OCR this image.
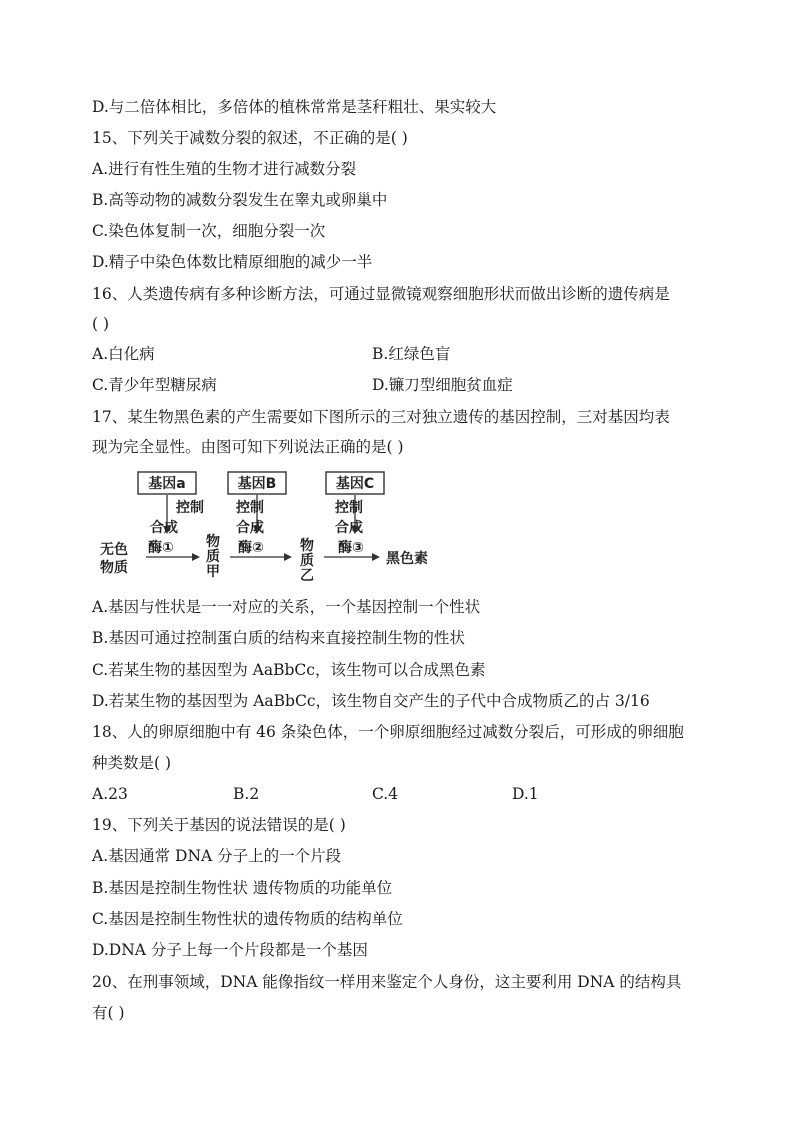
D.与二倍体相比，多倍体的植株常常是茎秆粗壮、果实较大
15、下列关于减数分裂的叙述，不正确的是( )
A.进行有性生殖的生物才进行减数分裂
B.高等动物的减数分裂发生在睾丸或卵巢中
C.染色体复制一次，细胞分裂一次
D.精子中染色体数比精原细胞的减少一半
16、人类遗传病有多种诊断方法，可通过显微镜观察细胞形状而做出诊断的遗传病是
( )
A.白化病	B.红绿色盲
C.青少年型糖尿病	D.镰刀型细胞贫血症
17、某生物黑色素的产生需要如下图所示的三对独立遗传的基因控制，三对基因均表
现为完全显性。由图可知下列说法正确的是( )
基因a	基因B	基因C
控 制
合 成
控 制
合 成
控 制
合 成
酶①	酶②	酶③
无色
物质
物
质
甲
物
质
乙
黑色素
A.基因与性状是一一对应的关系，一个基因控制一个性状
B.基因可通过控制蛋白质的结构来直接控制生物的性状
C.若某生物的基因型为 AaBbCc，该生物可以合成黑色素
D.若某生物的基因型为 AaBbCc，该生物自交产生的子代中合成物质乙的占 3/16
18、人的卵原细胞中有 46 条染色体，一个卵原细胞经过减数分裂后，可形成的卵细胞
种类数是( )
A.23	B.2	C.4	D.1
19、下列关于基因的说法错误的是( )
A.基因通常 DNA 分子上的一个片段
B.基因是控制生物性状 遗传物质的功能单位
C.基因是控制生物性状的遗传物质的结构单位
D.DNA 分子上每一个片段都是一个基因
20、在刑事领域，DNA 能像指纹一样用来鉴定个人身份，这主要利用 DNA 的结构具
有( )
